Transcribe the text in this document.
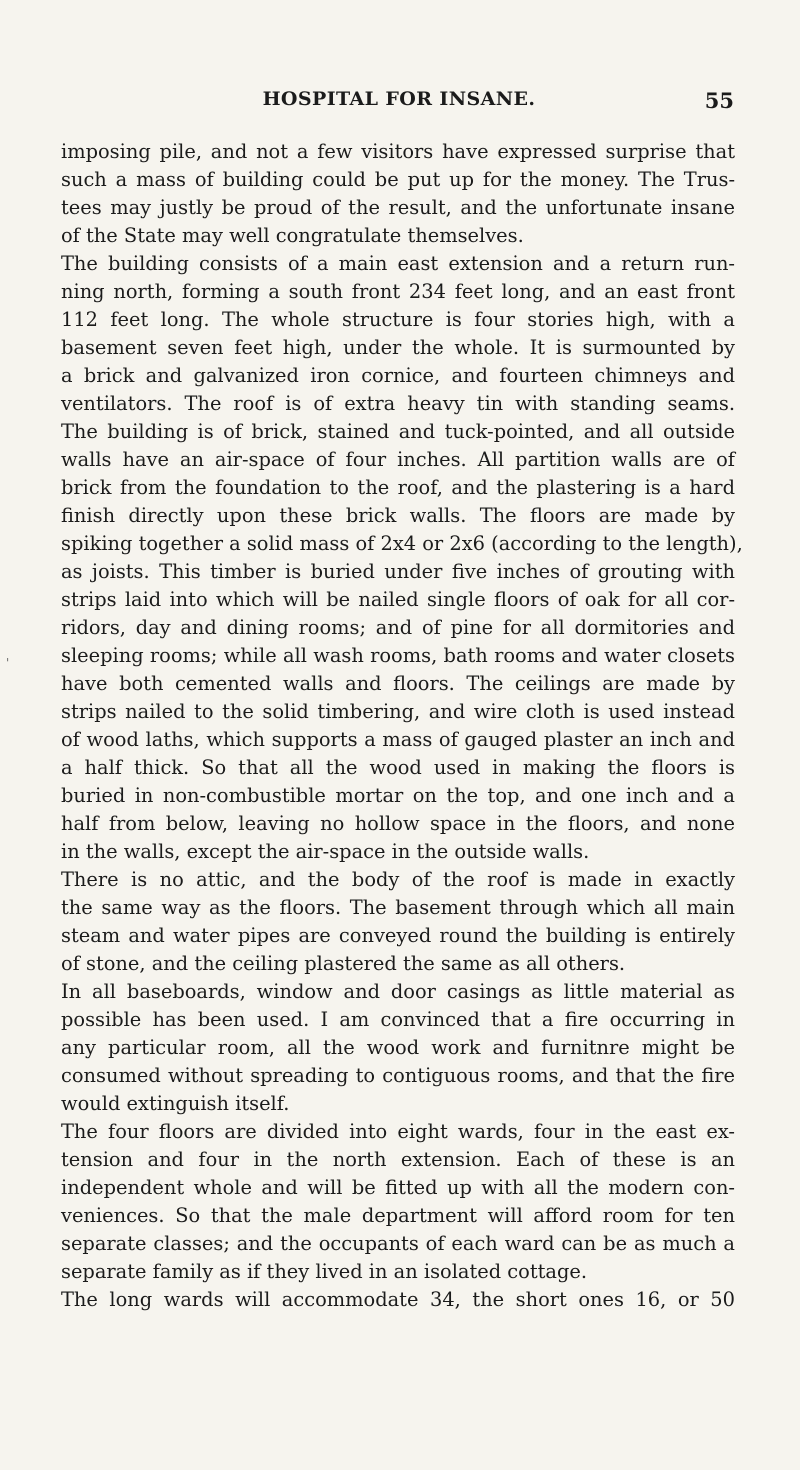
HOSPITAL FOR INSANE.	55
'
imposing pile, and not a few visitors have expressed surprise that
such a mass of building could be put up for the money. The Trus-
tees may justly be proud of the result, and the unfortunate insane
of the State may well congratulate themselves.
The building consists of a main east extension and a return run-
ning north, forming a south front 234 feet long, and an east front
112 feet long. The whole structure is four stories high, with a
basement seven feet high, under the whole. It is surmounted by
a brick and galvanized iron cornice, and fourteen chimneys and
ventilators. The roof is of extra heavy tin with standing seams.
The building is of brick, stained and tuck-pointed, and all outside
walls have an air-space of four inches. All partition walls are of
brick from the foundation to the roof, and the plastering is a hard
finish directly upon these brick walls. The floors are made by
spiking together a solid mass of 2x4 or 2x6 (according to the length),
as joists. This timber is buried under five inches of grouting with
strips laid into which will be nailed single floors of oak for all cor-
ridors, day and dining rooms; and of pine for all dormitories and
sleeping rooms; while all wash rooms, bath rooms and water closets
have both cemented walls and floors. The ceilings are made by
strips nailed to the solid timbering, and wire cloth is used instead
of wood laths, which supports a mass of gauged plaster an inch and
a half thick. So that all the wood used in making the floors is
buried in non-combustible mortar on the top, and one inch and a
half from below, leaving no hollow space in the floors, and none
in the walls, except the air-space in the outside walls.
There is no attic, and the body of the roof is made in exactly
the same way as the floors. The basement through which all main
steam and water pipes are conveyed round the building is entirely
of stone, and the ceiling plastered the same as all others.
In all baseboards, window and door casings as little material as
possible has been used. I am convinced that a fire occurring in
any particular room, all the wood work and furnitnre might be
consumed without spreading to contiguous rooms, and that the fire
would extinguish itself.
The four floors are divided into eight wards, four in the east ex-
tension and four in the north extension. Each of these is an
independent whole and will be fitted up with all the modern con-
veniences. So that the male department will afford room for ten
separate classes; and the occupants of each ward can be as much a
separate family as if they lived in an isolated cottage.
The long wards will accommodate 34, the short ones 16, or 50
